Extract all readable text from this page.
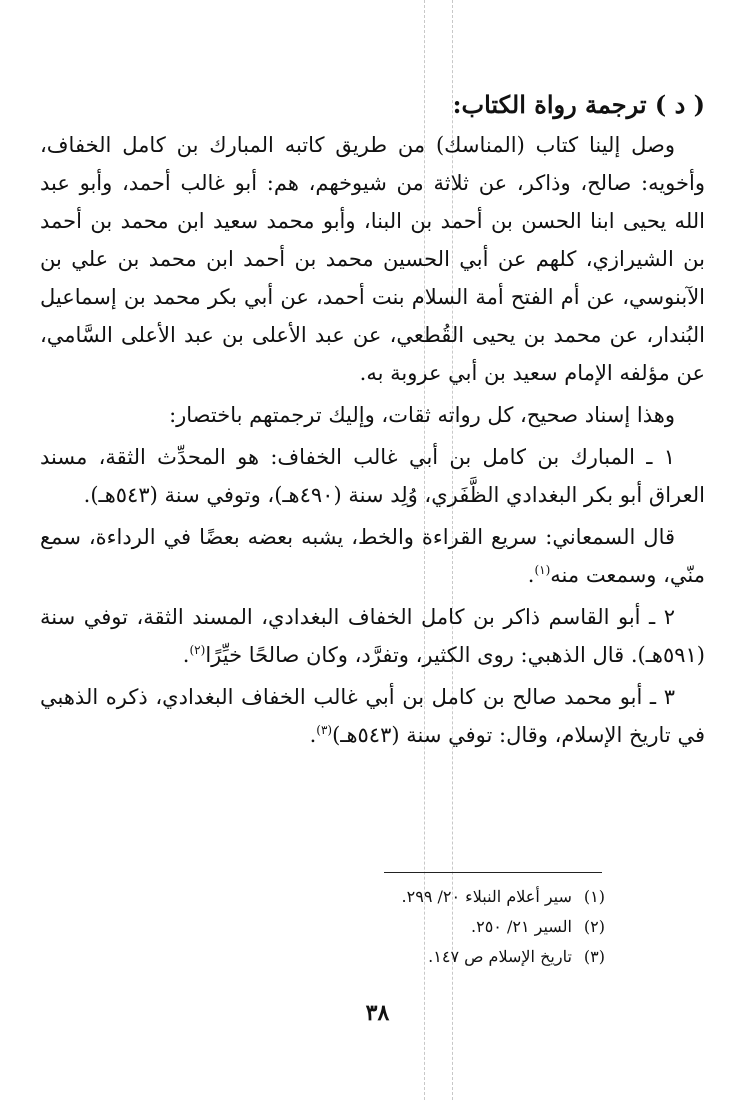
( د ) ترجمة رواة الكتاب:

وصل إلينا كتاب (المناسك) من طريق كاتبه المبارك بن كامل الخفاف، وأخويه: صالح، وذاكر، عن ثلاثة من شيوخهم، هم: أبو غالب أحمد، وأبو عبد الله يحيى ابنا الحسن بن أحمد بن البنا، وأبو محمد سعيد ابن محمد بن أحمد بن الشيرازي، كلهم عن أبي الحسين محمد بن أحمد ابن محمد بن علي بن الآبنوسي، عن أم الفتح أمة السلام بنت أحمد، عن أبي بكر محمد بن إسماعيل البُندار، عن محمد بن يحيى القُطعي، عن عبد الأعلى بن عبد الأعلى السَّامي، عن مؤلفه الإمام سعيد بن أبي عروبة به.

وهذا إسناد صحيح، كل رواته ثقات، وإليك ترجمتهم باختصار:

١ ـ المبارك بن كامل بن أبي غالب الخفاف: هو المحدِّث الثقة، مسند العراق أبو بكر البغدادي الظَّفَري، وُلِد سنة (٤٩٠هـ)، وتوفي سنة (٥٤٣هـ).

قال السمعاني: سريع القراءة والخط، يشبه بعضه بعضًا في الرداءة، سمع منّي، وسمعت منه$^{(١)}$.

٢ ـ أبو القاسم ذاكر بن كامل الخفاف البغدادي، المسند الثقة، توفي سنة (٥٩١هـ). قال الذهبي: روى الكثير، وتفرَّد، وكان صالحًا خيِّرًا$^{(٢)}$.

٣ ـ أبو محمد صالح بن كامل بن أبي غالب الخفاف البغدادي، ذكره الذهبي في تاريخ الإسلام، وقال: توفي سنة (٥٤٣هـ)$^{(٣)}$.

(١) سير أعلام النبلاء ٢٠/ ٢٩٩.
(٢) السير ٢١/ ٢٥٠.
(٣) تاريخ الإسلام ص ١٤٧.
٣٨
